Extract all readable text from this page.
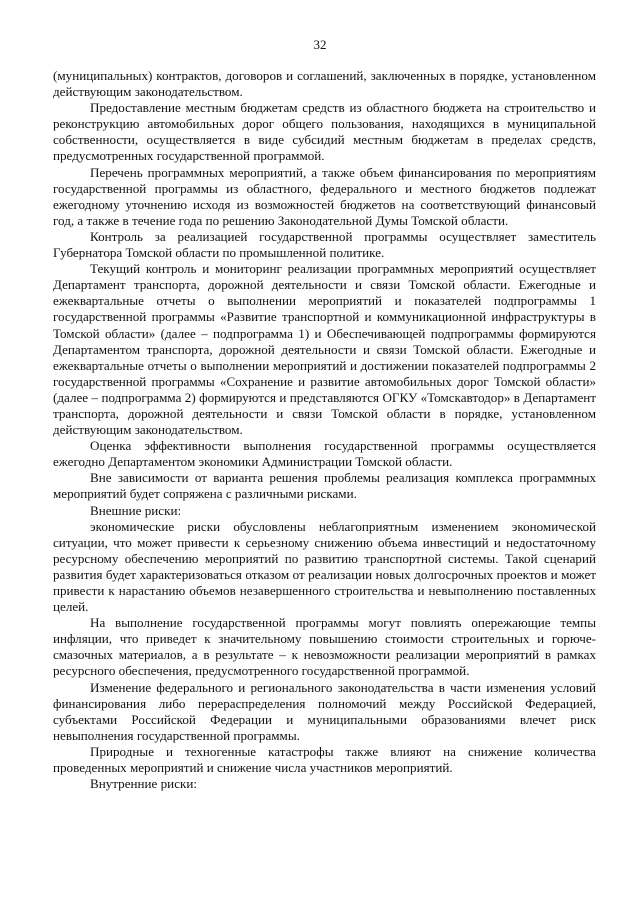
32

(муниципальных) контрактов, договоров и соглашений, заключенных в порядке, установленном действующим законодательством.

Предоставление местным бюджетам средств из областного бюджета на строительство и реконструкцию автомобильных дорог общего пользования, находящихся в муниципальной собственности, осуществляется в виде субсидий местным бюджетам в пределах средств, предусмотренных государственной программой.

Перечень программных мероприятий, а также объем финансирования по мероприятиям государственной программы из областного, федерального и местного бюджетов подлежат ежегодному уточнению исходя из возможностей бюджетов на соответствующий финансовый год, а также в течение года по решению Законодательной Думы Томской области.

Контроль за реализацией государственной программы осуществляет заместитель Губернатора Томской области по промышленной политике.

Текущий контроль и мониторинг реализации программных мероприятий осуществляет Департамент транспорта, дорожной деятельности и связи Томской области. Ежегодные и ежеквартальные отчеты о выполнении мероприятий и показателей подпрограммы 1 государственной программы «Развитие транспортной и коммуникационной инфраструктуры в Томской области» (далее – подпрограмма 1) и Обеспечивающей подпрограммы формируются Департаментом транспорта, дорожной деятельности и связи Томской области. Ежегодные и ежеквартальные отчеты о выполнении мероприятий и достижении показателей подпрограммы 2 государственной программы «Сохранение и развитие автомобильных дорог Томской области» (далее – подпрограмма 2) формируются и представляются ОГКУ «Томскавтодор» в Департамент транспорта, дорожной деятельности и связи Томской области в порядке, установленном действующим законодательством.

Оценка эффективности выполнения государственной программы осуществляется ежегодно Департаментом экономики Администрации Томской области.

Вне зависимости от варианта решения проблемы реализация комплекса программных мероприятий будет сопряжена с различными рисками.

Внешние риски:

экономические риски обусловлены неблагоприятным изменением экономической ситуации, что может привести к серьезному снижению объема инвестиций и недостаточному ресурсному обеспечению мероприятий по развитию транспортной системы. Такой сценарий развития будет характеризоваться отказом от реализации новых долгосрочных проектов и может привести к нарастанию объемов незавершенного строительства и невыполнению поставленных целей.

На выполнение государственной программы могут повлиять опережающие темпы инфляции, что приведет к значительному повышению стоимости строительных и горюче-смазочных материалов, а в результате – к невозможности реализации мероприятий в рамках ресурсного обеспечения, предусмотренного государственной программой.

Изменение федерального и регионального законодательства в части изменения условий финансирования либо перераспределения полномочий между Российской Федерацией, субъектами Российской Федерации и муниципальными образованиями влечет риск невыполнения государственной программы.

Природные и техногенные катастрофы также влияют на снижение количества проведенных мероприятий и снижение числа участников мероприятий.

Внутренние риски:
